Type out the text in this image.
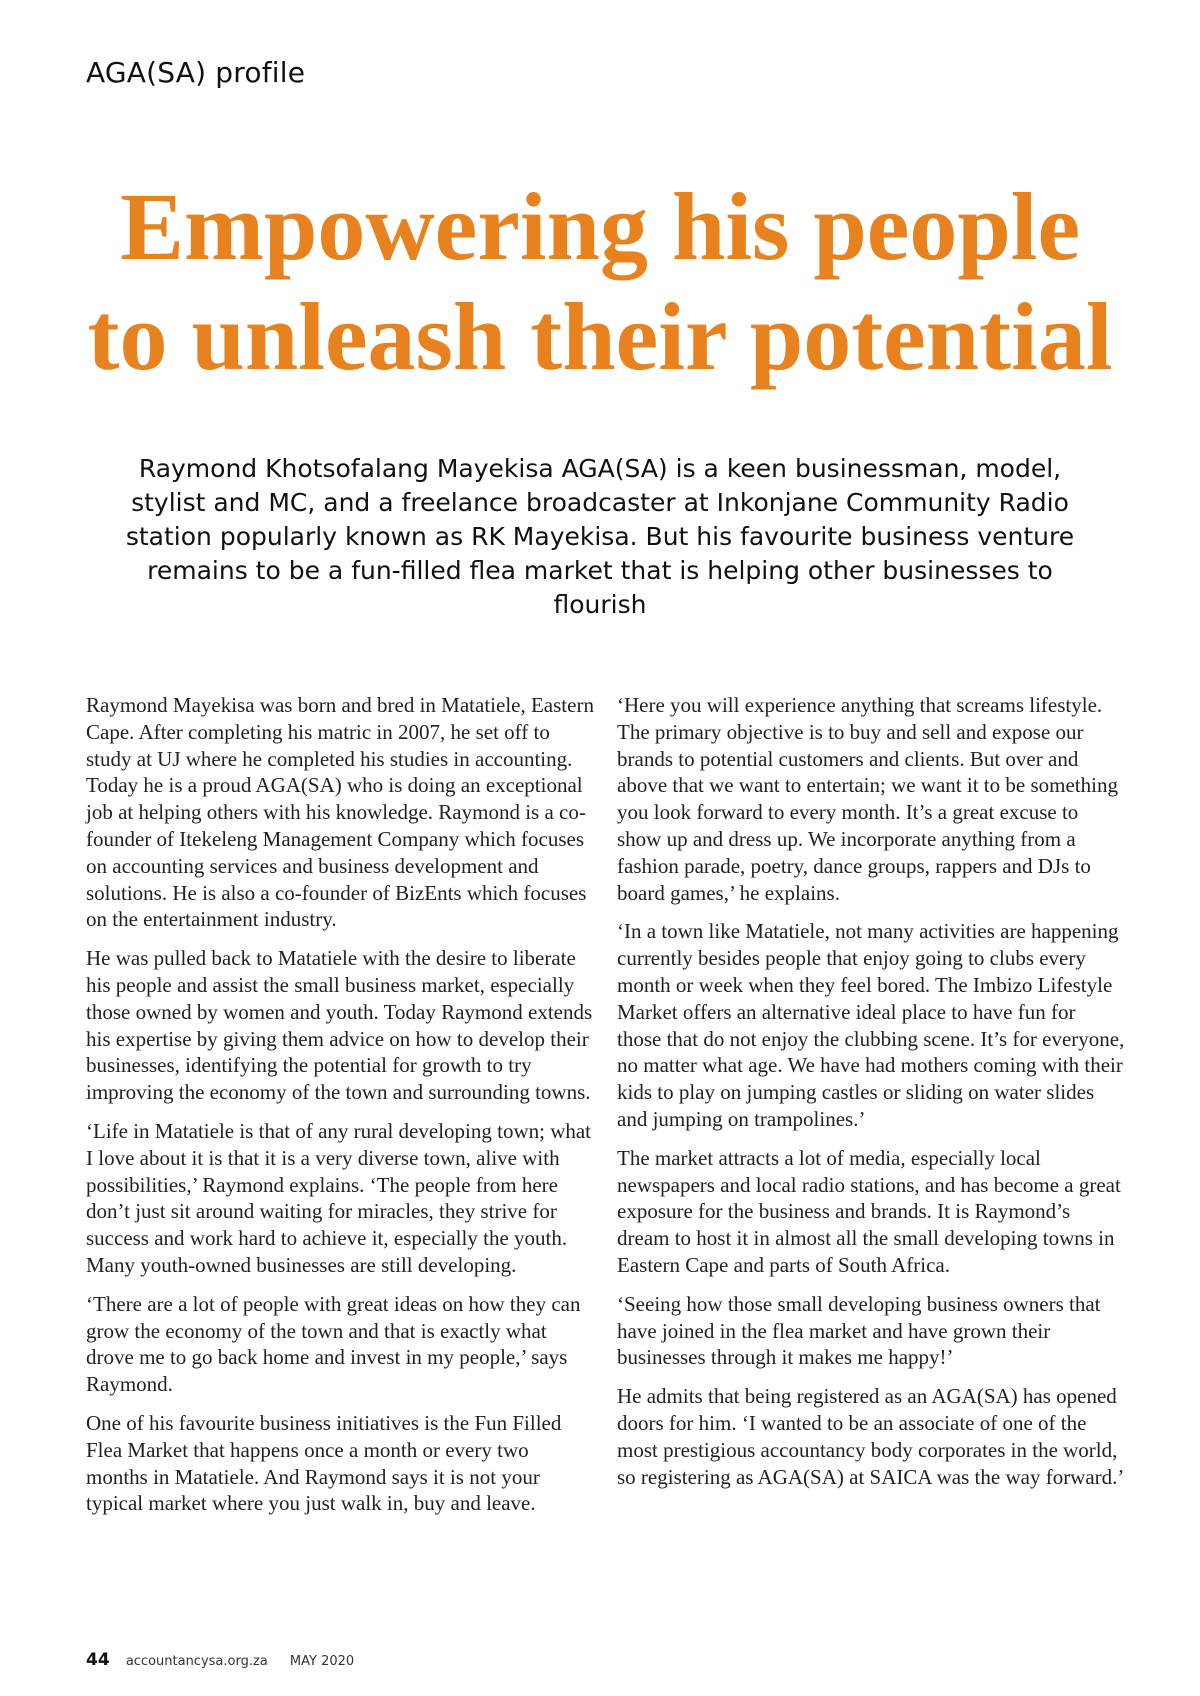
AGA(SA) profile
Empowering his people
to unleash their potential

Raymond Khotsofalang Mayekisa AGA(SA) is a keen businessman, model, stylist and MC, and a freelance broadcaster at Inkonjane Community Radio station popularly known as RK Mayekisa. But his favourite business venture remains to be a fun-filled flea market that is helping other businesses to flourish

Raymond Mayekisa was born and bred in Matatiele, Eastern Cape. After completing his matric in 2007, he set off to study at UJ where he completed his studies in accounting. Today he is a proud AGA(SA) who is doing an exceptional job at helping others with his knowledge. Raymond is a co-founder of Itekeleng Management Company which focuses on accounting services and business development and solutions. He is also a co-founder of BizEnts which focuses on the entertainment industry.

He was pulled back to Matatiele with the desire to liberate his people and assist the small business market, especially those owned by women and youth. Today Raymond extends his expertise by giving them advice on how to develop their businesses, identifying the potential for growth to try improving the economy of the town and surrounding towns.

‘Life in Matatiele is that of any rural developing town; what I love about it is that it is a very diverse town, alive with possibilities,’ Raymond explains. ‘The people from here don’t just sit around waiting for miracles, they strive for success and work hard to achieve it, especially the youth. Many youth-owned businesses are still developing.

‘There are a lot of people with great ideas on how they can grow the economy of the town and that is exactly what drove me to go back home and invest in my people,’ says Raymond.

One of his favourite business initiatives is the Fun Filled Flea Market that happens once a month or every two months in Matatiele. And Raymond says it is not your typical market where you just walk in, buy and leave.

‘Here you will experience anything that screams lifestyle. The primary objective is to buy and sell and expose our brands to potential customers and clients. But over and above that we want to entertain; we want it to be something you look forward to every month. It’s a great excuse to show up and dress up. We incorporate anything from a fashion parade, poetry, dance groups, rappers and DJs to board games,’ he explains.

‘In a town like Matatiele, not many activities are happening currently besides people that enjoy going to clubs every month or week when they feel bored. The Imbizo Lifestyle Market offers an alternative ideal place to have fun for those that do not enjoy the clubbing scene. It’s for everyone, no matter what age. We have had mothers coming with their kids to play on jumping castles or sliding on water slides and jumping on trampolines.’

The market attracts a lot of media, especially local newspapers and local radio stations, and has become a great exposure for the business and brands. It is Raymond’s dream to host it in almost all the small developing towns in Eastern Cape and parts of South Africa.

‘Seeing how those small developing business owners that have joined in the flea market and have grown their businesses through it makes me happy!’

He admits that being registered as an AGA(SA) has opened doors for him. ‘I wanted to be an associate of one of the most prestigious accountancy body corporates in the world, so registering as AGA(SA) at SAICA was the way forward.’

44 accountancysa.org.za MAY 2020
